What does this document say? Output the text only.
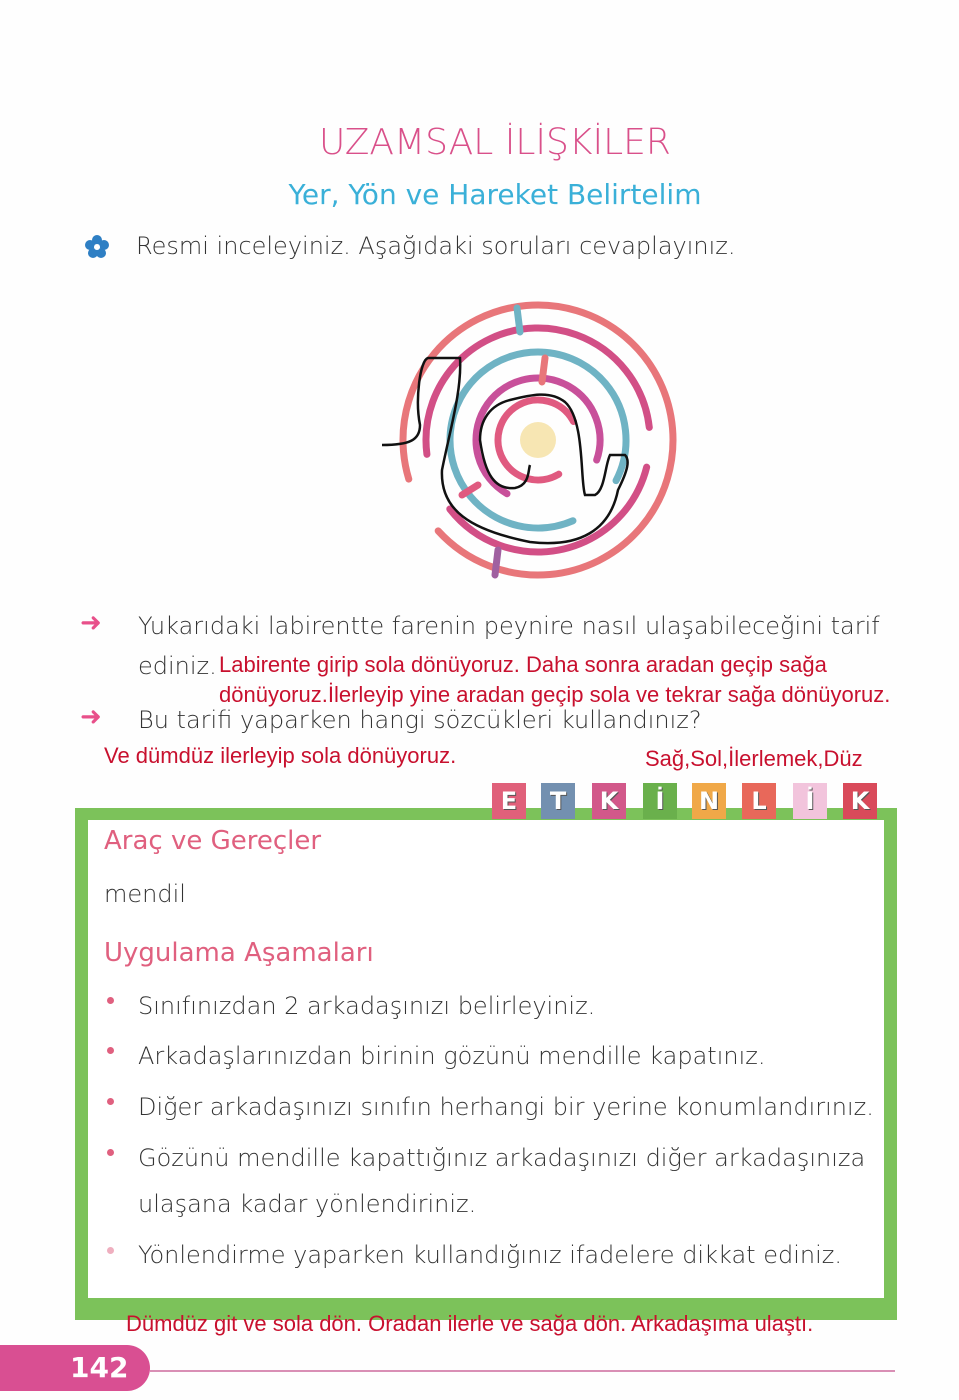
UZAMSAL İLİŞKİLER
Yer, Yön ve Hareket Belirtelim
Resmi inceleyiniz. Aşağıdaki soruları cevaplayınız.
➜ Yukarıdaki labirentte farenin peynire nasıl ulaşabileceğini tarif
ediniz. Labirente girip sola dönüyoruz. Daha sonra aradan geçip sağa
dönüyoruz.İlerleyip yine aradan geçip sola ve tekrar sağa dönüyoruz.
➜ Bu tarifi yaparken hangi sözcükleri kullandınız?
Ve dümdüz ilerleyip sola dönüyoruz.	Sağ,Sol,İlerlemek,Düz
E	T	K	İ	N	L	İ	K
Araç ve Gereçler
mendil
Uygulama Aşamaları
Sınıfınızdan 2 arkadaşınızı belirleyiniz.
Arkadaşlarınızdan birinin gözünü mendille kapatınız.
Diğer arkadaşınızı sınıfın herhangi bir yerine konumlandırınız.
Gözünü mendille kapattığınız arkadaşınızı diğer arkadaşınıza
ulaşana kadar yönlendiriniz.
Yönlendirme yaparken kullandığınız ifadelere dikkat ediniz.
Dümdüz git ve sola dön. Oradan ilerle ve sağa dön. Arkadaşıma ulaştı.
142
